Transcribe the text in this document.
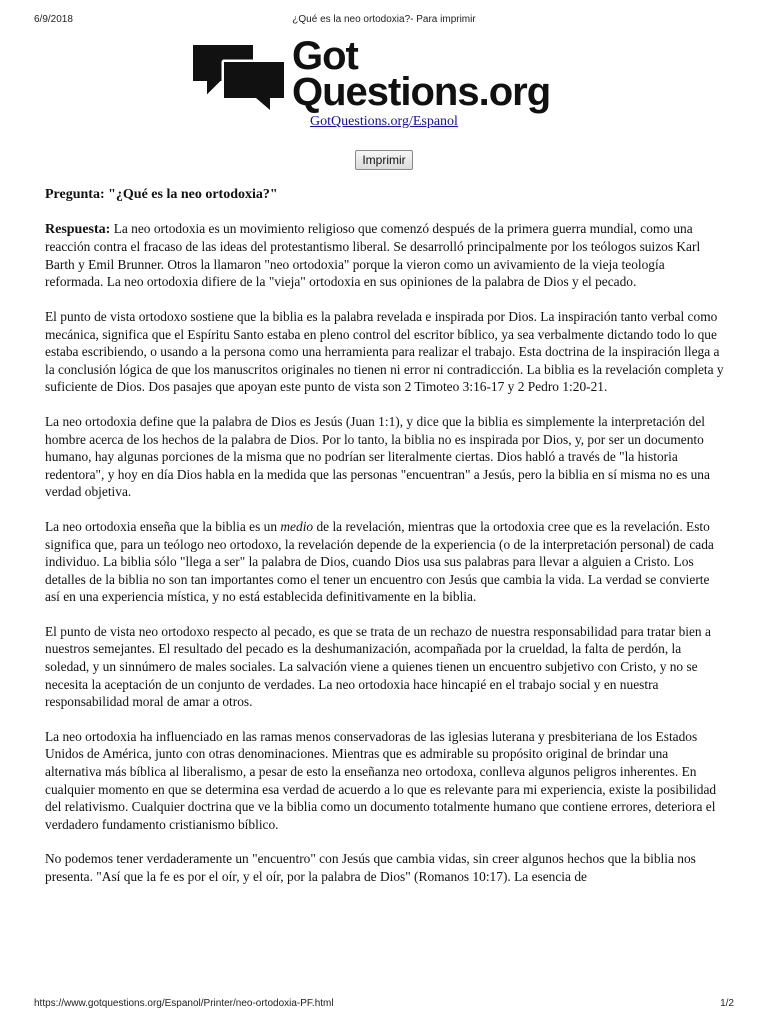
6/9/2018	¿Qué es la neo ortodoxia?- Para imprimir
Got
Questions.org
GotQuestions.org/Espanol
Imprimir
Pregunta: "¿Qué es la neo ortodoxia?"

Respuesta: La neo ortodoxia es un movimiento religioso que comenzó después de la primera guerra mundial, como una reacción contra el fracaso de las ideas del protestantismo liberal. Se desarrolló principalmente por los teólogos suizos Karl Barth y Emil Brunner. Otros la llamaron "neo ortodoxia" porque la vieron como un avivamiento de la vieja teología reformada. La neo ortodoxia difiere de la "vieja" ortodoxia en sus opiniones de la palabra de Dios y el pecado.

El punto de vista ortodoxo sostiene que la biblia es la palabra revelada e inspirada por Dios. La inspiración tanto verbal como mecánica, significa que el Espíritu Santo estaba en pleno control del escritor bíblico, ya sea verbalmente dictando todo lo que estaba escribiendo, o usando a la persona como una herramienta para realizar el trabajo. Esta doctrina de la inspiración llega a la conclusión lógica de que los manuscritos originales no tienen ni error ni contradicción. La biblia es la revelación completa y suficiente de Dios. Dos pasajes que apoyan este punto de vista son 2 Timoteo 3:16-17 y 2 Pedro 1:20-21.

La neo ortodoxia define que la palabra de Dios es Jesús (Juan 1:1), y dice que la biblia es simplemente la interpretación del hombre acerca de los hechos de la palabra de Dios. Por lo tanto, la biblia no es inspirada por Dios, y, por ser un documento humano, hay algunas porciones de la misma que no podrían ser literalmente ciertas. Dios habló a través de "la historia redentora", y hoy en día Dios habla en la medida que las personas "encuentran" a Jesús, pero la biblia en sí misma no es una verdad objetiva.

La neo ortodoxia enseña que la biblia es un medio de la revelación, mientras que la ortodoxia cree que es la revelación. Esto significa que, para un teólogo neo ortodoxo, la revelación depende de la experiencia (o de la interpretación personal) de cada individuo. La biblia sólo "llega a ser" la palabra de Dios, cuando Dios usa sus palabras para llevar a alguien a Cristo. Los detalles de la biblia no son tan importantes como el tener un encuentro con Jesús que cambia la vida. La verdad se convierte así en una experiencia mística, y no está establecida definitivamente en la biblia.

El punto de vista neo ortodoxo respecto al pecado, es que se trata de un rechazo de nuestra responsabilidad para tratar bien a nuestros semejantes. El resultado del pecado es la deshumanización, acompañada por la crueldad, la falta de perdón, la soledad, y un sinnúmero de males sociales. La salvación viene a quienes tienen un encuentro subjetivo con Cristo, y no se necesita la aceptación de un conjunto de verdades. La neo ortodoxia hace hincapié en el trabajo social y en nuestra responsabilidad moral de amar a otros.

La neo ortodoxia ha influenciado en las ramas menos conservadoras de las iglesias luterana y presbiteriana de los Estados Unidos de América, junto con otras denominaciones. Mientras que es admirable su propósito original de brindar una alternativa más bíblica al liberalismo, a pesar de esto la enseñanza neo ortodoxa, conlleva algunos peligros inherentes. En cualquier momento en que se determina esa verdad de acuerdo a lo que es relevante para mi experiencia, existe la posibilidad del relativismo. Cualquier doctrina que ve la biblia como un documento totalmente humano que contiene errores, deteriora el verdadero fundamento cristianismo bíblico.

No podemos tener verdaderamente un "encuentro" con Jesús que cambia vidas, sin creer algunos hechos que la biblia nos presenta. "Así que la fe es por el oír, y el oír, por la palabra de Dios" (Romanos 10:17). La esencia de

https://www.gotquestions.org/Espanol/Printer/neo-ortodoxia-PF.html	1/2
